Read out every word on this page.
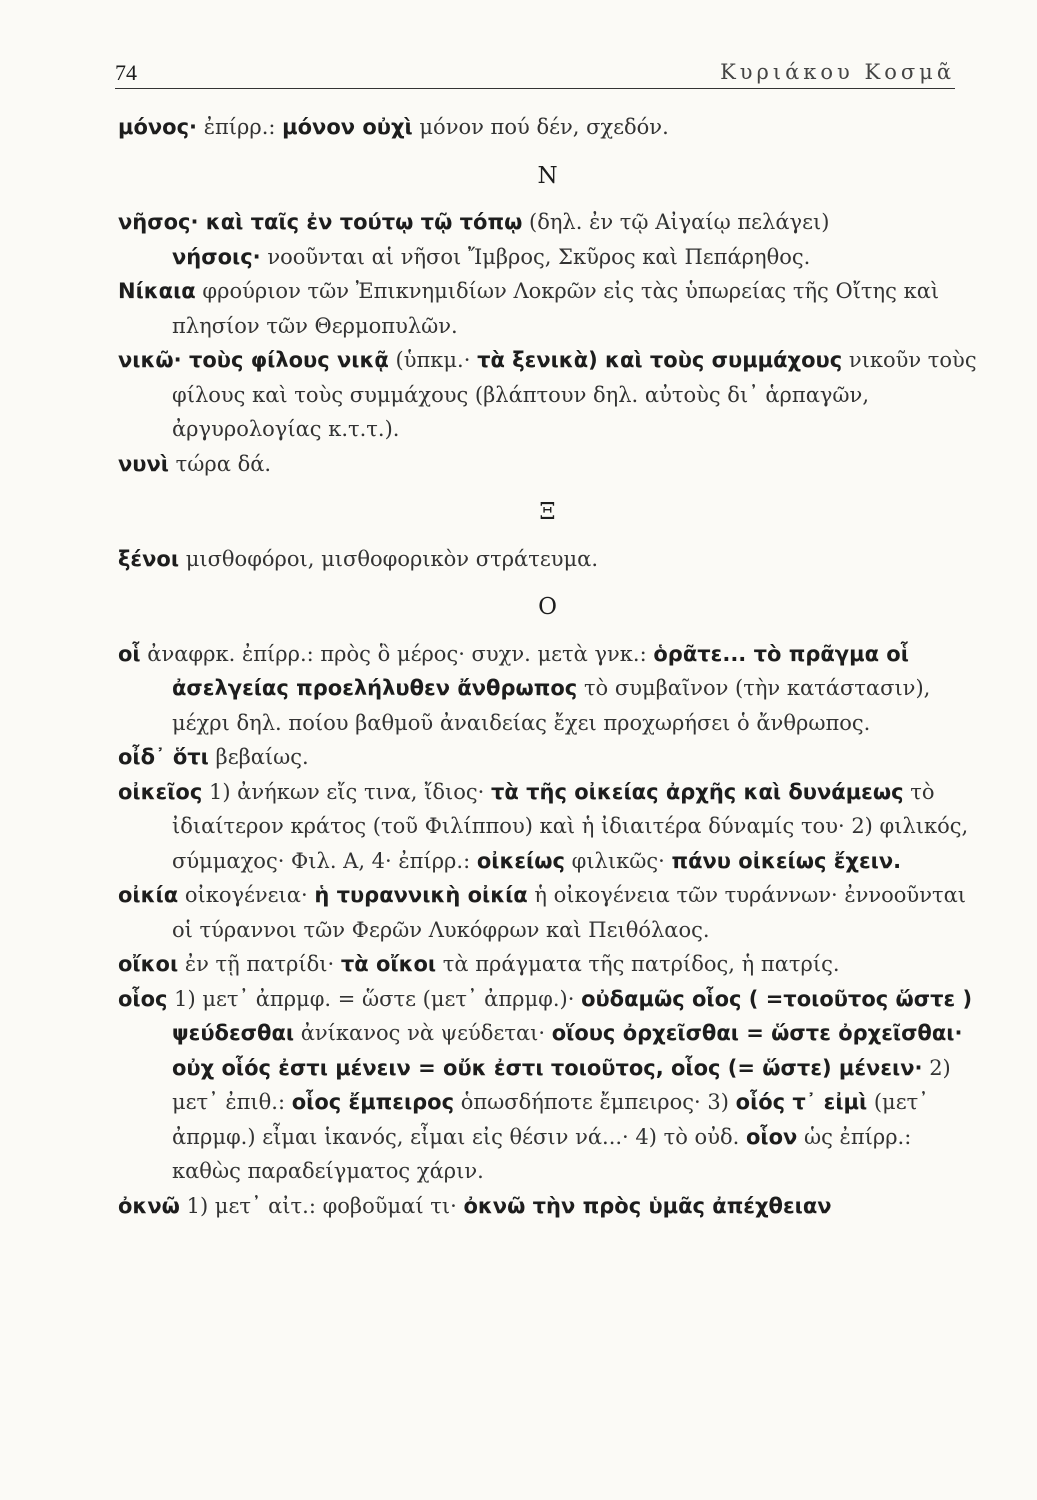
74	Κυριάκου Κοσμᾶ

μόνος· ἐπίρρ.: μόνον οὐχὶ μόνον πού δέν, σχεδόν.

Ν

νῆσος· καὶ ταῖς ἐν τούτῳ τῷ τόπῳ (δηλ. ἐν τῷ Αἰγαίῳ πελάγει)

νήσοις· νοοῦνται αἱ νῆσοι Ἴμβρος, Σκῦρος καὶ Πεπάρηθος.

Νίκαια φρούριον τῶν Ἐπικνημιδίων Λοκρῶν εἰς τὰς ὑπωρείας τῆς Οἴτης καὶ πλησίον τῶν Θερμοπυλῶν.

νικῶ· τοὺς φίλους νικᾷ (ὑπκμ.· τὰ ξενικὰ) καὶ τοὺς συμμάχους νικοῦν τοὺς φίλους καὶ τοὺς συμμάχους (βλάπτουν δηλ. αὐτοὺς δι᾽ ἁρπαγῶν, ἀργυρολογίας κ.τ.τ.).

νυνὶ τώρα δά.

Ξ

ξένοι μισθοφόροι, μισθοφορικὸν στράτευμα.

Ο

οἷ ἀναφρκ. ἐπίρρ.: πρὸς ὃ μέρος· συχν. μετὰ γνκ.: ὁρᾶτε... τὸ πρᾶγμα οἷ ἀσελγείας προελήλυθεν ἄνθρωπος τὸ συμβαῖνον (τὴν κατάστασιν), μέχρι δηλ. ποίου βαθμοῦ ἀναιδείας ἔχει προχωρήσει ὁ ἄνθρωπος.

οἶδ᾽ ὅτι βεβαίως.

οἰκεῖος 1) ἀνήκων εἴς τινα, ἴδιος· τὰ τῆς οἰκείας ἀρχῆς καὶ δυνάμεως τὸ ἰδιαίτερον κράτος (τοῦ Φιλίππου) καὶ ἡ ἰδιαιτέρα δύναμίς του· 2) φιλικός, σύμμαχος· Φιλ. Α, 4· ἐπίρρ.: οἰκείως φιλικῶς· πάνυ οἰκείως ἔχειν.

οἰκία οἰκογένεια· ἡ τυραννικὴ οἰκία ἡ οἰκογένεια τῶν τυράννων· ἐννοοῦνται οἱ τύραννοι τῶν Φερῶν Λυκόφρων καὶ Πειθόλαος.

οἴκοι ἐν τῇ πατρίδι· τὰ οἴκοι τὰ πράγματα τῆς πατρίδος, ἡ πατρίς.

οἷος 1) μετ᾽ ἀπρμφ. = ὥστε (μετ᾽ ἀπρμφ.)· οὐδαμῶς οἷος ( =τοιοῦτος ὥστε ) ψεύδεσθαι ἀνίκανος νὰ ψεύδεται· οἵους ὀρχεῖσθαι = ὥστε ὀρχεῖσθαι· οὐχ οἷός ἐστι μένειν = οὔκ ἐστι τοιοῦτος, οἷος (= ὥστε) μένειν· 2) μετ᾽ ἐπιθ.: οἷος ἔμπειρος ὁπωσδήποτε ἔμπειρος· 3) οἷός τ᾽ εἰμὶ (μετ᾽ ἀπρμφ.) εἶμαι ἱκανός, εἶμαι εἰς θέσιν νά...· 4) τὸ οὐδ. οἷον ὡς ἐπίρρ.: καθὼς παραδείγματος χάριν.

ὀκνῶ 1) μετ᾽ αἰτ.: φοβοῦμαί τι· ὀκνῶ τὴν πρὸς ὑμᾶς ἀπέχθειαν
